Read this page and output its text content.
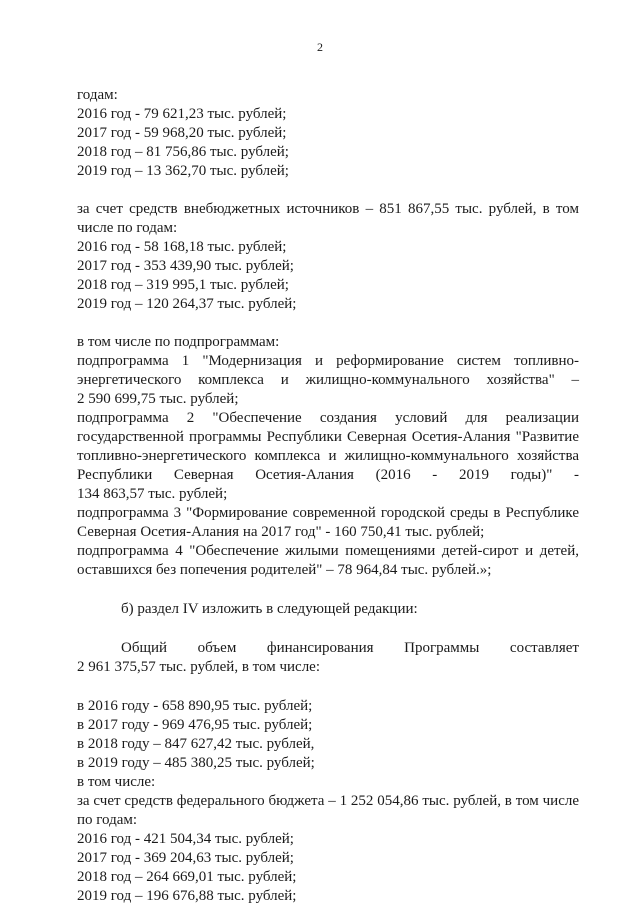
2
годам:
2016 год - 79 621,23 тыс. рублей;
2017 год - 59 968,20 тыс. рублей;
2018 год – 81 756,86 тыс. рублей;
2019 год – 13 362,70 тыс. рублей;
за счет средств внебюджетных источников – 851 867,55 тыс. рублей, в том
числе по годам:
2016 год - 58 168,18 тыс. рублей;
2017 год - 353 439,90 тыс. рублей;
2018 год – 319 995,1 тыс. рублей;
2019 год – 120 264,37 тыс. рублей;
в том числе по подпрограммам:
подпрограмма 1 "Модернизация и реформирование систем топливно-
энергетического комплекса и жилищно-коммунального хозяйства" –
2 590 699,75 тыс. рублей;
подпрограмма 2 "Обеспечение создания условий для реализации
государственной программы Республики Северная Осетия-Алания "Развитие
топливно-энергетического комплекса и жилищно-коммунального хозяйства
Республики Северная Осетия-Алания (2016 - 2019 годы)" -
134 863,57 тыс. рублей;
подпрограмма 3 "Формирование современной городской среды в Республике
Северная Осетия-Алания на 2017 год" - 160 750,41 тыс. рублей;
подпрограмма 4 "Обеспечение жилыми помещениями детей-сирот и детей,
оставшихся без попечения родителей" – 78 964,84 тыс. рублей.»;
б) раздел IV изложить в следующей редакции:
Общий объем финансирования Программы составляет
2 961 375,57 тыс. рублей, в том числе:
в 2016 году - 658 890,95 тыс. рублей;
в 2017 году - 969 476,95 тыс. рублей;
в 2018 году – 847 627,42 тыс. рублей,
в 2019 году – 485 380,25 тыс. рублей;
в том числе:
за счет средств федерального бюджета – 1 252 054,86 тыс. рублей, в том числе
по годам:
2016 год - 421 504,34 тыс. рублей;
2017 год - 369 204,63 тыс. рублей;
2018 год – 264 669,01 тыс. рублей;
2019 год – 196 676,88 тыс. рублей;
